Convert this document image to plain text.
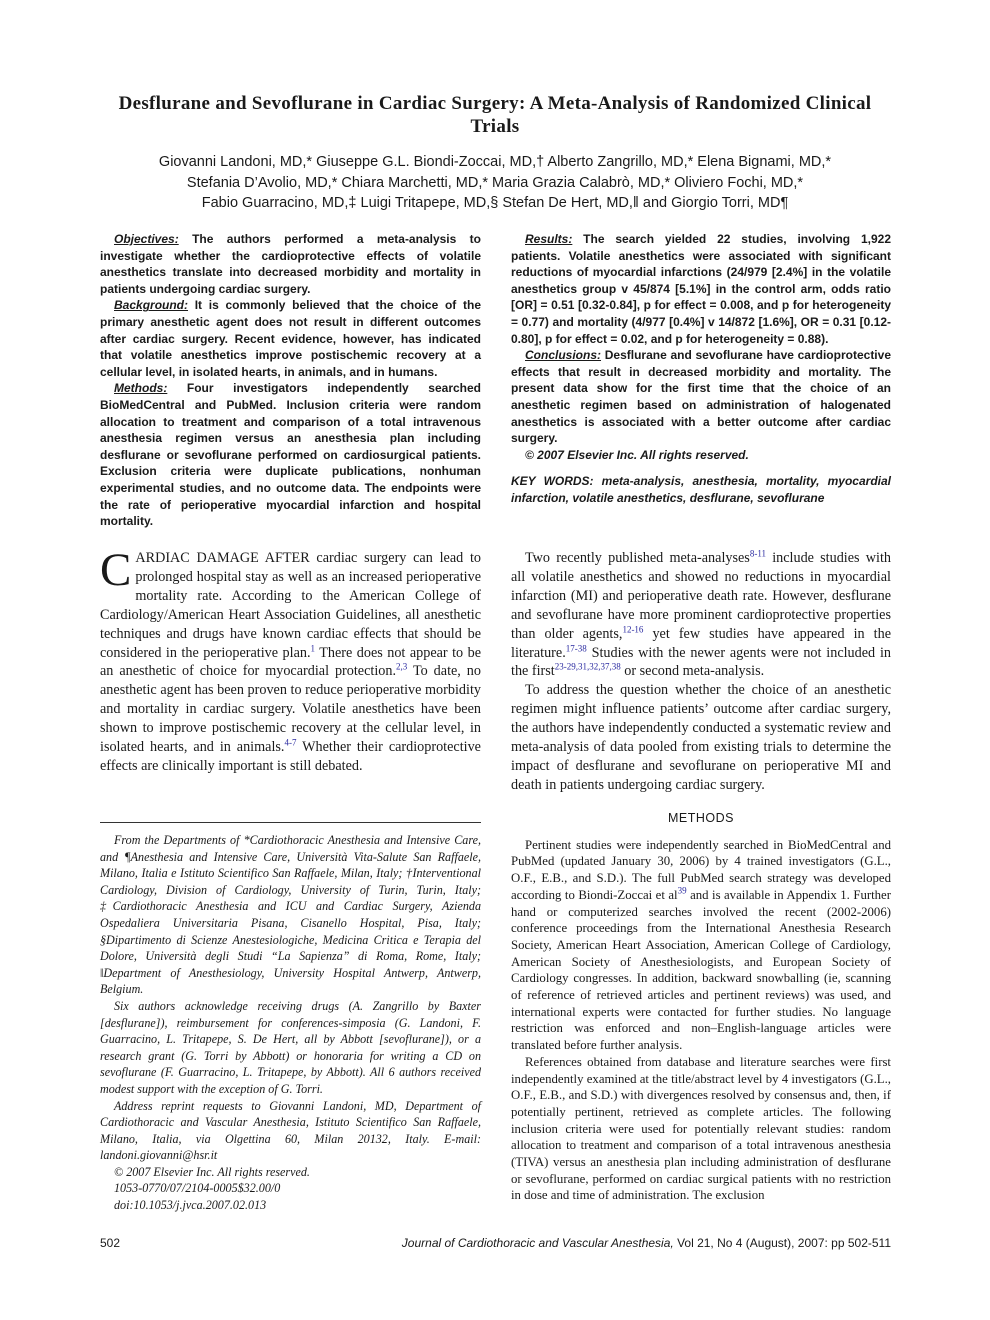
Desflurane and Sevoflurane in Cardiac Surgery: A Meta-Analysis of Randomized Clinical Trials
Giovanni Landoni, MD,* Giuseppe G.L. Biondi-Zoccai, MD,† Alberto Zangrillo, MD,* Elena Bignami, MD,*
Stefania D’Avolio, MD,* Chiara Marchetti, MD,* Maria Grazia Calabrò, MD,* Oliviero Fochi, MD,*
Fabio Guarracino, MD,‡ Luigi Tritapepe, MD,§ Stefan De Hert, MD,‖ and Giorgio Torri, MD¶

Objectives: The authors performed a meta-analysis to investigate whether the cardioprotective effects of volatile anesthetics translate into decreased morbidity and mortality in patients undergoing cardiac surgery.

Background: It is commonly believed that the choice of the primary anesthetic agent does not result in different outcomes after cardiac surgery. Recent evidence, however, has indicated that volatile anesthetics improve postischemic recovery at a cellular level, in isolated hearts, in animals, and in humans.

Methods: Four investigators independently searched BioMedCentral and PubMed. Inclusion criteria were random allocation to treatment and comparison of a total intravenous anesthesia regimen versus an anesthesia plan including desflurane or sevoflurane performed on cardiosurgical patients. Exclusion criteria were duplicate publications, nonhuman experimental studies, and no outcome data. The endpoints were the rate of perioperative myocardial infarction and hospital mortality.

Results: The search yielded 22 studies, involving 1,922 patients. Volatile anesthetics were associated with significant reductions of myocardial infarctions (24/979 [2.4%] in the volatile anesthetics group v 45/874 [5.1%] in the control arm, odds ratio [OR] = 0.51 [0.32-0.84], p for effect = 0.008, and p for heterogeneity = 0.77) and mortality (4/977 [0.4%] v 14/872 [1.6%], OR = 0.31 [0.12-0.80], p for effect = 0.02, and p for heterogeneity = 0.88).

Conclusions: Desflurane and sevoflurane have cardioprotective effects that result in decreased morbidity and mortality. The present data show for the first time that the choice of an anesthetic regimen based on administration of halogenated anesthetics is associated with a better outcome after cardiac surgery.

© 2007 Elsevier Inc. All rights reserved.

KEY WORDS: meta-analysis, anesthesia, mortality, myocardial infarction, volatile anesthetics, desflurane, sevoflurane

CARDIAC DAMAGE AFTER cardiac surgery can lead to prolonged hospital stay as well as an increased perioperative mortality rate. According to the American College of Cardiology/American Heart Association Guidelines, all anesthetic techniques and drugs have known cardiac effects that should be considered in the perioperative plan.$^1$ There does not appear to be an anesthetic of choice for myocardial protection.$^{2,3}$ To date, no anesthetic agent has been proven to reduce perioperative morbidity and mortality in cardiac surgery. Volatile anesthetics have been shown to improve postischemic recovery at the cellular level, in isolated hearts, and in animals.$^{4-7}$ Whether their cardioprotective effects are clinically important is still debated.

From the Departments of *Cardiothoracic Anesthesia and Intensive Care, and ¶Anesthesia and Intensive Care, Università Vita-Salute San Raffaele, Milano, Italia e Istituto Scientifico San Raffaele, Milan, Italy; †Interventional Cardiology, Division of Cardiology, University of Turin, Turin, Italy; ‡Cardiothoracic Anesthesia and ICU and Cardiac Surgery, Azienda Ospedaliera Universitaria Pisana, Cisanello Hospital, Pisa, Italy; §Dipartimento di Scienze Anestesiologiche, Medicina Critica e Terapia del Dolore, Università degli Studi “La Sapienza” di Roma, Rome, Italy; ‖Department of Anesthesiology, University Hospital Antwerp, Antwerp, Belgium.

Six authors acknowledge receiving drugs (A. Zangrillo by Baxter [desflurane]), reimbursement for conferences-simposia (G. Landoni, F. Guarracino, L. Tritapepe, S. De Hert, all by Abbott [sevoflurane]), or a research grant (G. Torri by Abbott) or honoraria for writing a CD on sevoflurane (F. Guarracino, L. Tritapepe, by Abbott). All 6 authors received modest support with the exception of G. Torri.

Address reprint requests to Giovanni Landoni, MD, Department of Cardiothoracic and Vascular Anesthesia, Istituto Scientifico San Raffaele, Milano, Italia, via Olgettina 60, Milan 20132, Italy. E-mail: landoni.giovanni@hsr.it

© 2007 Elsevier Inc. All rights reserved.

1053-0770/07/2104-0005$32.00/0

doi:10.1053/j.jvca.2007.02.013

Two recently published meta-analyses$^{8-11}$ include studies with all volatile anesthetics and showed no reductions in myocardial infarction (MI) and perioperative death rate. However, desflurane and sevoflurane have more prominent cardioprotective properties than older agents,$^{12-16}$ yet few studies have appeared in the literature.$^{17-38}$ Studies with the newer agents were not included in the first$^{23-29,31,32,37,38}$ or second meta-analysis.

To address the question whether the choice of an anesthetic regimen might influence patients’ outcome after cardiac surgery, the authors have independently conducted a systematic review and meta-analysis of data pooled from existing trials to determine the impact of desflurane and sevoflurane on perioperative MI and death in patients undergoing cardiac surgery.

METHODS

Pertinent studies were independently searched in BioMedCentral and PubMed (updated January 30, 2006) by 4 trained investigators (G.L., O.F., E.B., and S.D.). The full PubMed search strategy was developed according to Biondi-Zoccai et $al^{39}$ and is available in Appendix 1. Further hand or computerized searches involved the recent (2002-2006) conference proceedings from the International Anesthesia Research Society, American Heart Association, American College of Cardiology, American Society of Anesthesiologists, and European Society of Cardiology congresses. In addition, backward snowballing (ie, scanning of reference of retrieved articles and pertinent reviews) was used, and international experts were contacted for further studies. No language restriction was enforced and non–English-language articles were translated before further analysis.

References obtained from database and literature searches were first independently examined at the title/abstract level by 4 investigators (G.L., O.F., E.B., and S.D.) with divergences resolved by consensus and, then, if potentially pertinent, retrieved as complete articles. The following inclusion criteria were used for potentially relevant studies: random allocation to treatment and comparison of a total intravenous anesthesia (TIVA) versus an anesthesia plan including administration of desflurane or sevoflurane, performed on cardiac surgical patients with no restriction in dose and time of administration. The exclusion

502	Journal of Cardiothoracic and Vascular Anesthesia, Vol 21, No 4 (August), 2007: pp 502-511
